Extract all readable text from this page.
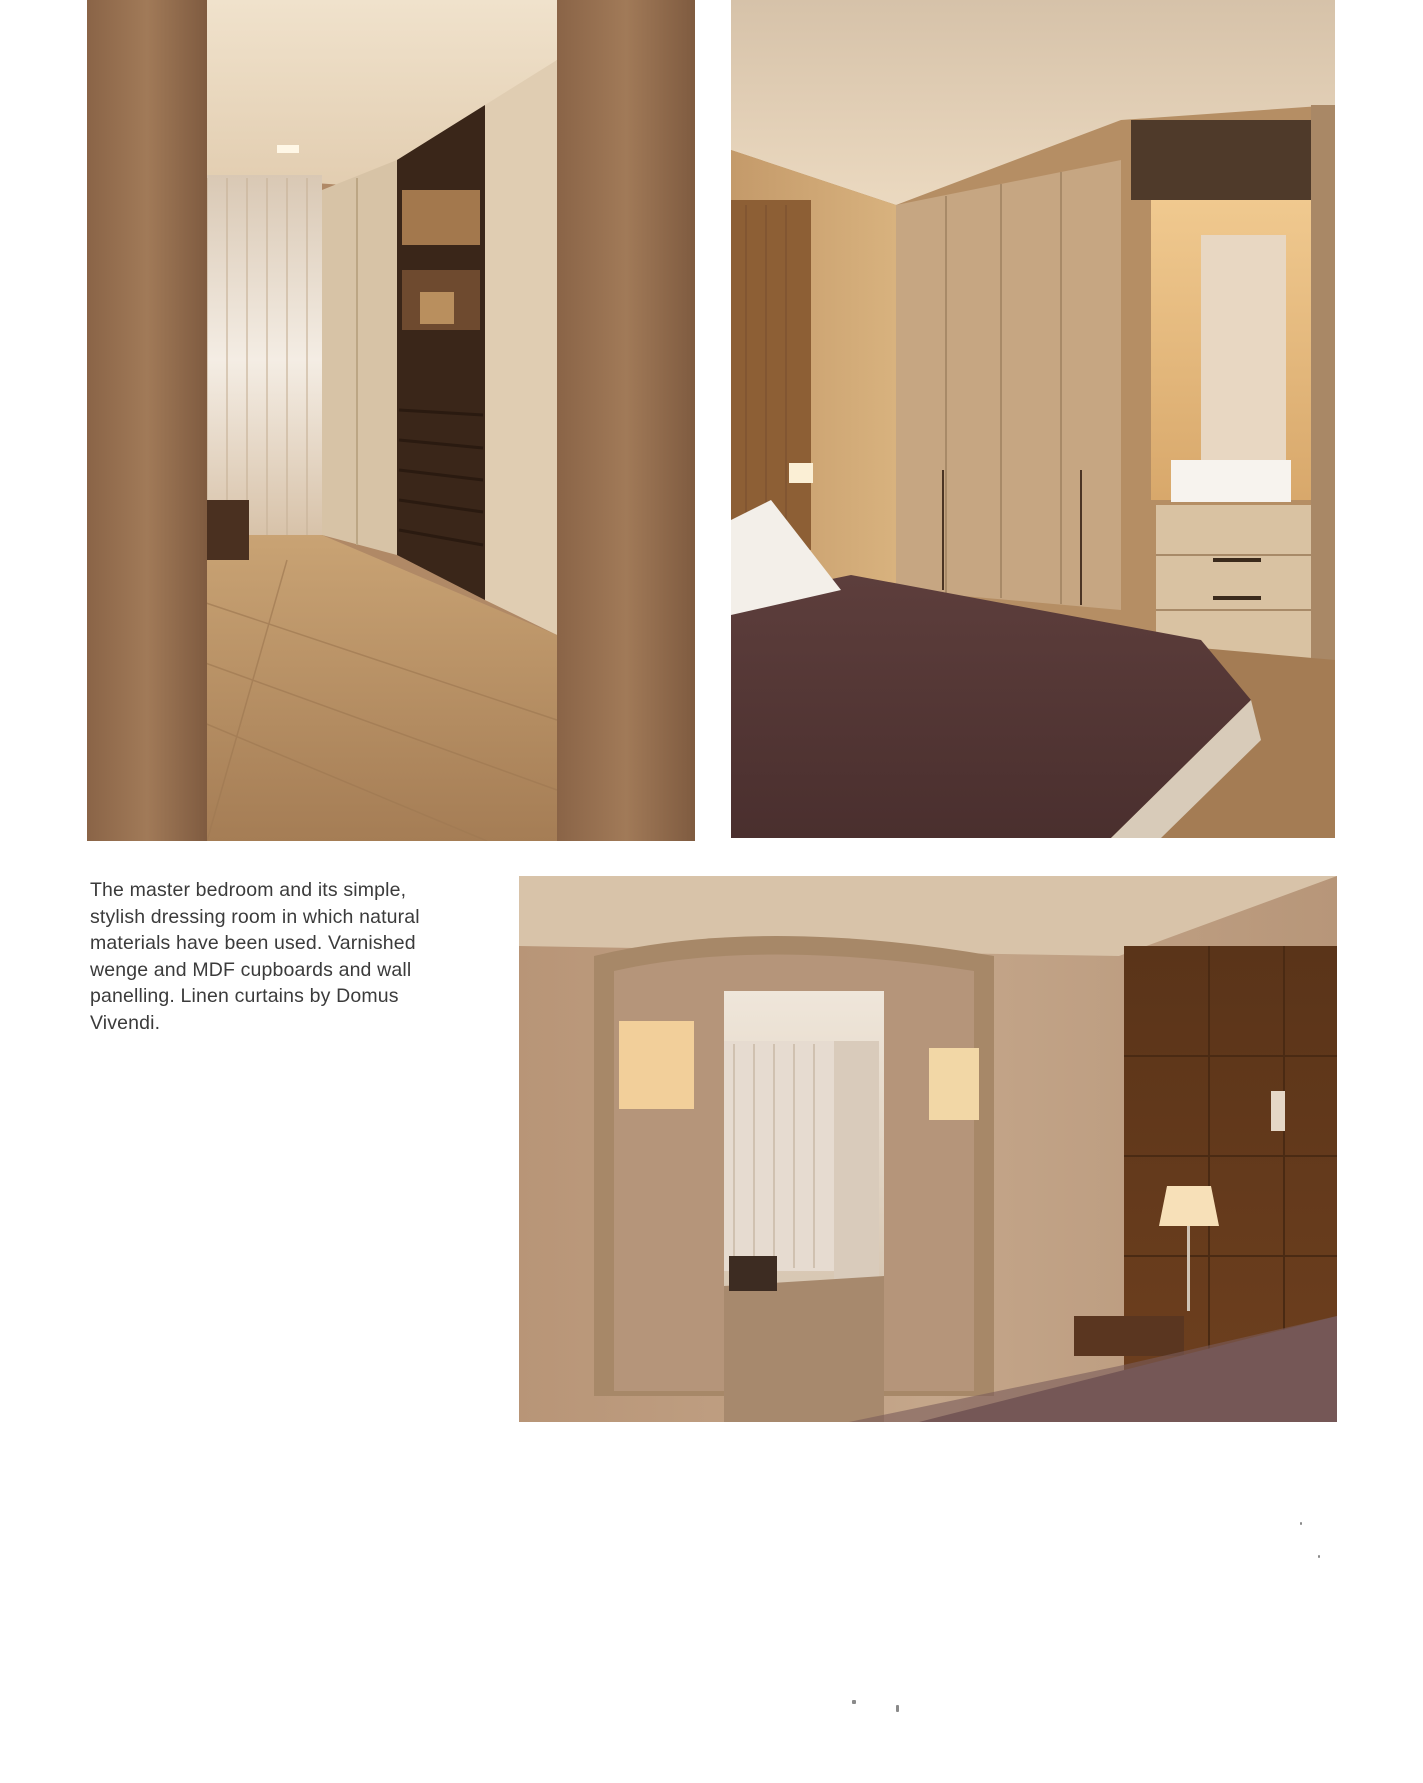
The master bedroom and its simple,
stylish dressing room in which natural
materials have been used. Varnished
wenge and MDF cupboards and wall
panelling. Linen curtains by Domus
Vivendi.
